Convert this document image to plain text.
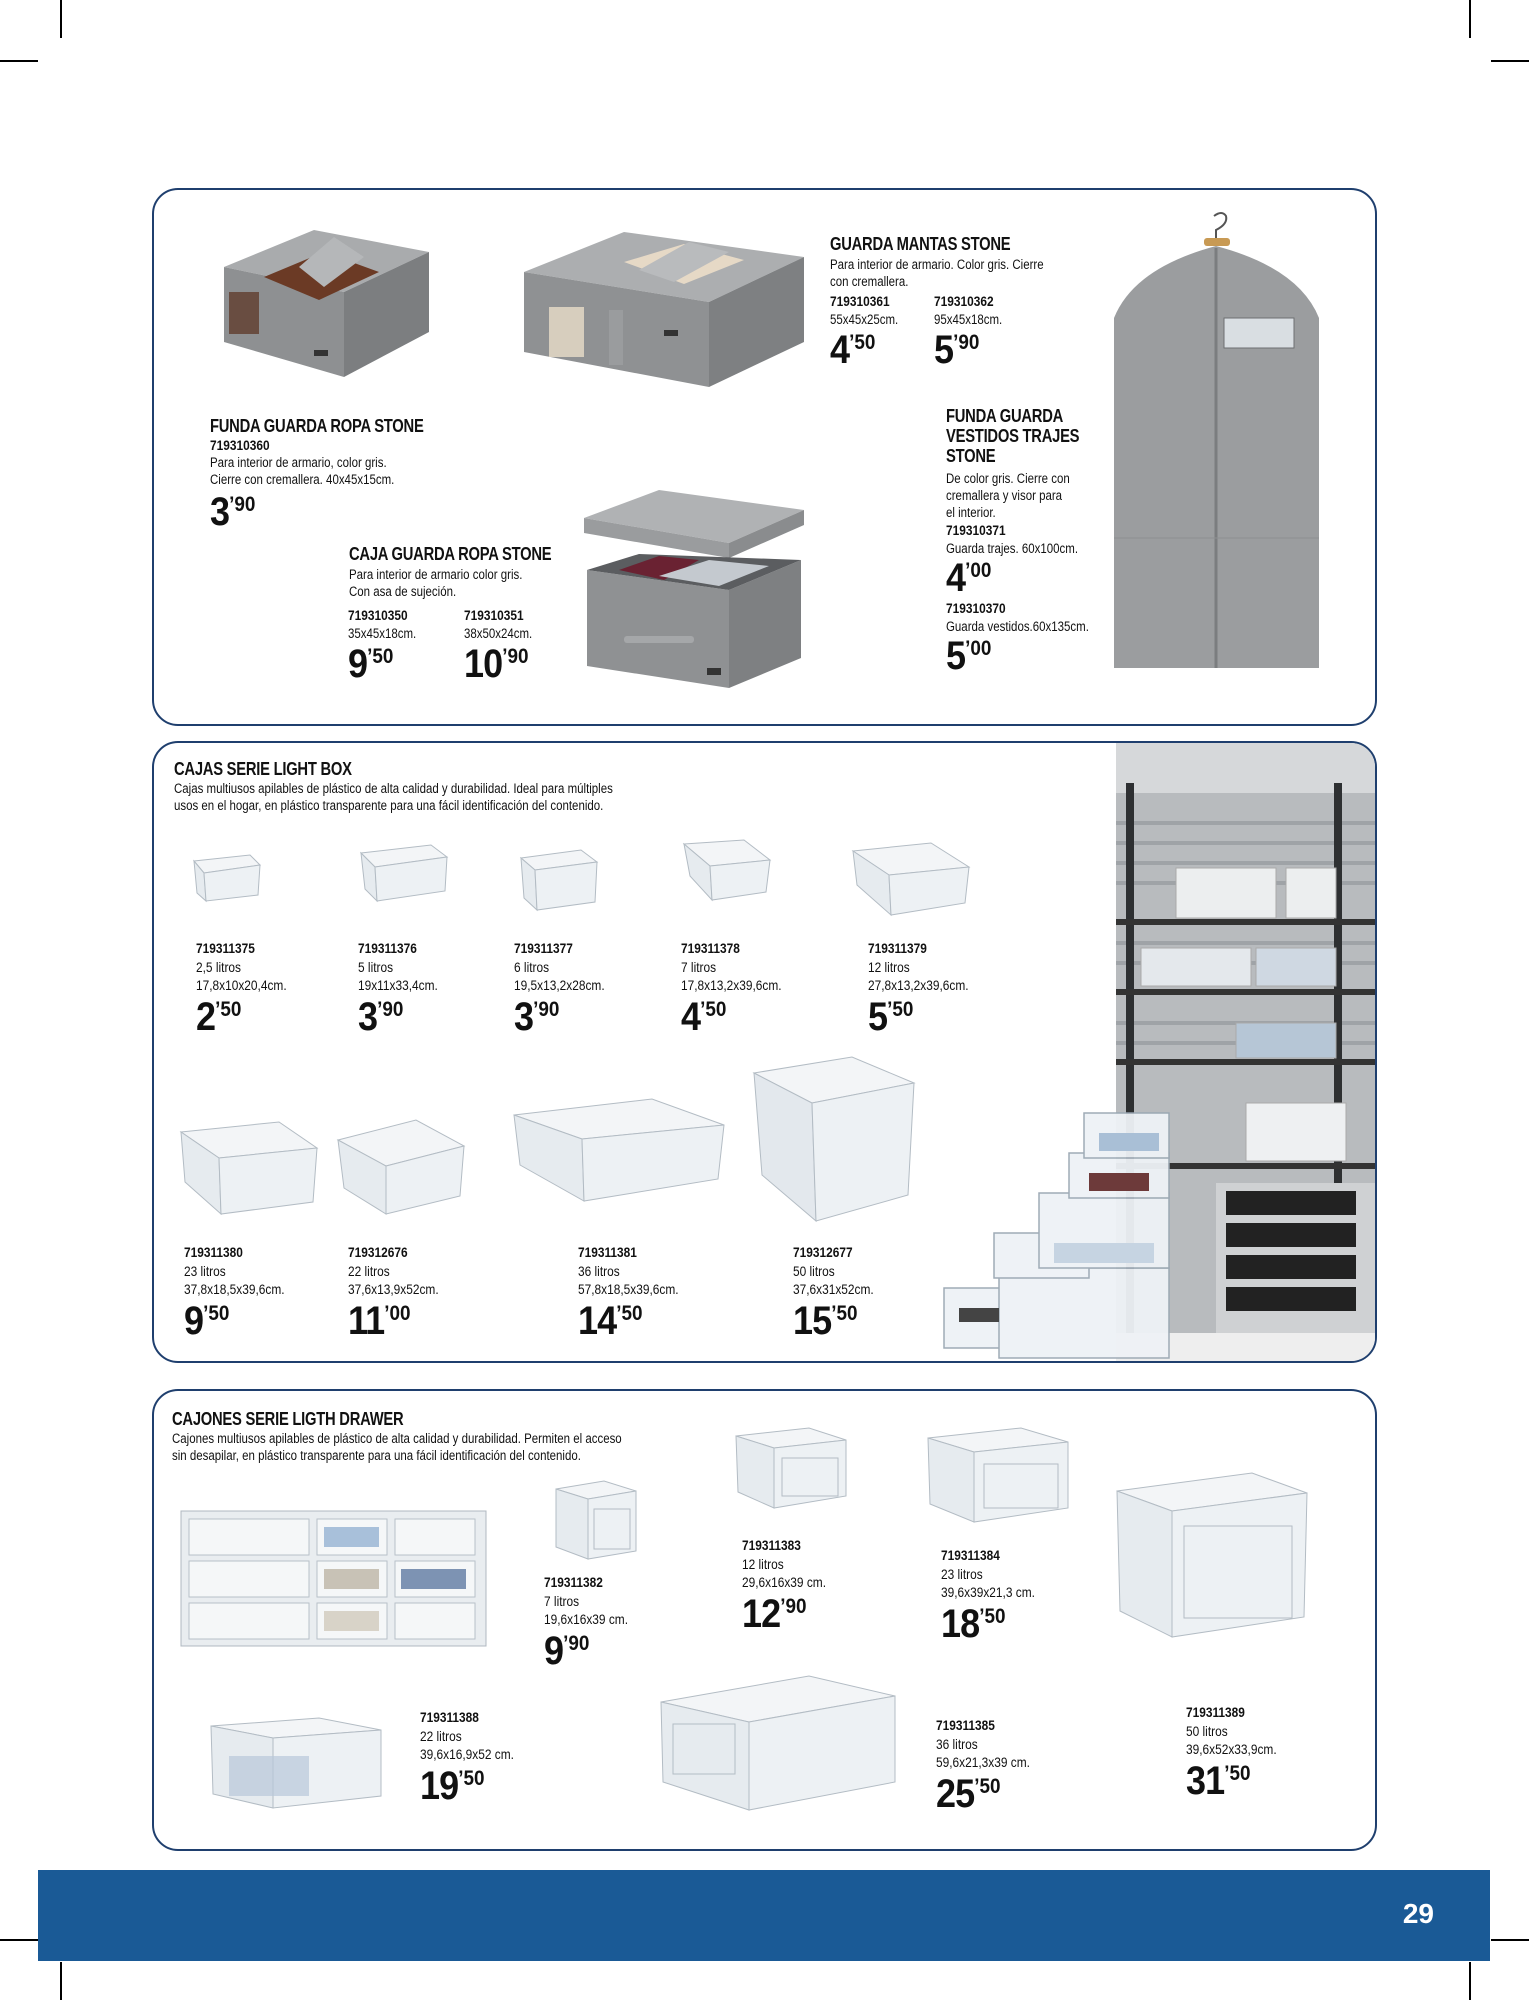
GUARDA MANTAS STONE
Para interior de armario. Color gris. Cierre
con cremallera.
719310361
55x45x25cm.
4’50
719310362
95x45x18cm.
5’90
FUNDA GUARDA ROPA STONE
719310360
Para interior de armario, color gris.
Cierre con cremallera. 40x45x15cm.
3’90
CAJA GUARDA ROPA STONE
Para interior de armario color gris.
Con asa de sujeción.
719310350
35x45x18cm.
9’50
719310351
38x50x24cm.
10’90
FUNDA GUARDA
VESTIDOS TRAJES
STONE
De color gris. Cierre con
cremallera y visor para
el interior.
719310371
Guarda trajes. 60x100cm.
4’00
719310370
Guarda vestidos.60x135cm.
5’00
CAJAS SERIE LIGHT BOX
Cajas multiusos apilables de plástico de alta calidad y durabilidad. Ideal para múltiples
usos en el hogar, en plástico transparente para una fácil identificación del contenido.
719311375
2,5 litros
17,8x10x20,4cm.
2’50
719311376
5 litros
19x11x33,4cm.
3’90
719311377
6 litros
19,5x13,2x28cm.
3’90
719311378
7 litros
17,8x13,2x39,6cm.
4’50
719311379
12 litros
27,8x13,2x39,6cm.
5’50
719311380
23 litros
37,8x18,5x39,6cm.
9’50
719312676
22 litros
37,6x13,9x52cm.
11’00
719311381
36 litros
57,8x18,5x39,6cm.
14’50
719312677
50 litros
37,6x31x52cm.
15’50
CAJONES SERIE LIGTH DRAWER
Cajones multiusos apilables de plástico de alta calidad y durabilidad. Permiten el acceso
sin desapilar, en plástico transparente para una fácil identificación del contenido.
719311382
7 litros
19,6x16x39 cm.
9’90
719311383
12 litros
29,6x16x39 cm.
12’90
719311384
23 litros
39,6x39x21,3 cm.
18’50
719311389
50 litros
39,6x52x33,9cm.
31’50
719311388
22 litros
39,6x16,9x52 cm.
19’50
719311385
36 litros
59,6x21,3x39 cm.
25’50
29
